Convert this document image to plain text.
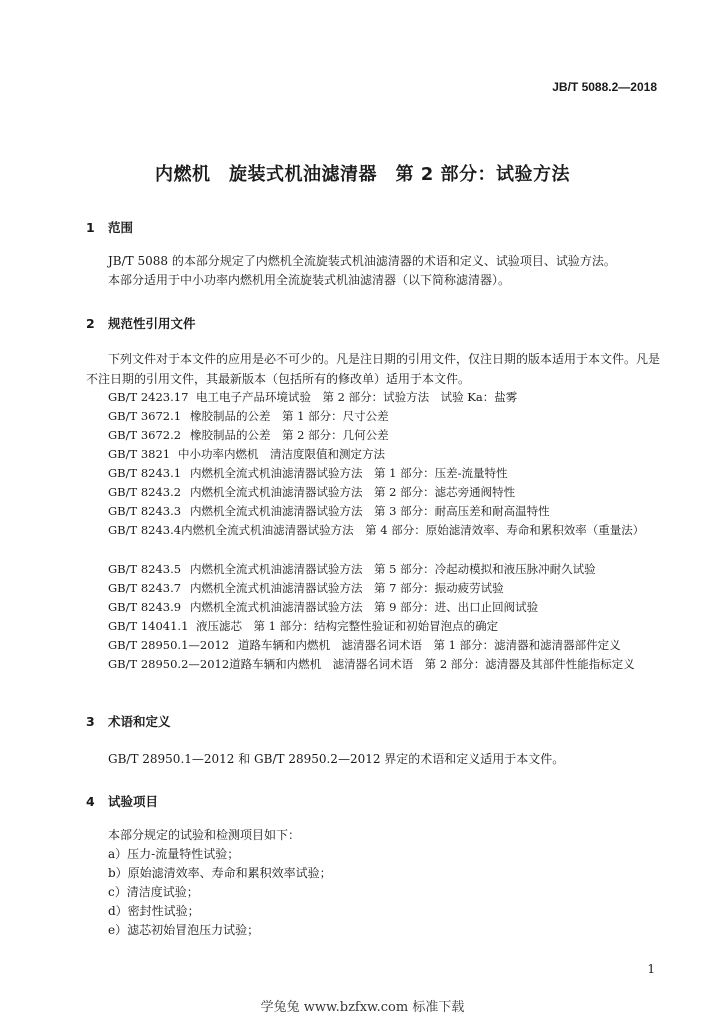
JB/T 5088.2—2018
内燃机　旋装式机油滤清器　第 2 部分：试验方法
1 范围
JB/T 5088 的本部分规定了内燃机全流旋装式机油滤清器的术语和定义、试验项目、试验方法。
本部分适用于中小功率内燃机用全流旋装式机油滤清器（以下简称滤清器）。
2 规范性引用文件
下列文件对于本文件的应用是必不可少的。凡是注日期的引用文件，仅注日期的版本适用于本文件。凡是不注日期的引用文件，其最新版本（包括所有的修改单）适用于本文件。
GB/T 2423.17 电工电子产品环境试验　第 2 部分：试验方法　试验 Ka：盐雾
GB/T 3672.1 橡胶制品的公差　第 1 部分：尺寸公差
GB/T 3672.2 橡胶制品的公差　第 2 部分：几何公差
GB/T 3821 中小功率内燃机　清洁度限值和测定方法
GB/T 8243.1 内燃机全流式机油滤清器试验方法　第 1 部分：压差-流量特性
GB/T 8243.2 内燃机全流式机油滤清器试验方法　第 2 部分：滤芯旁通阀特性
GB/T 8243.3 内燃机全流式机油滤清器试验方法　第 3 部分：耐高压差和耐高温特性
GB/T 8243.4内燃机全流式机油滤清器试验方法　第 4 部分：原始滤清效率、寿命和累积效率（重量法）
GB/T 8243.5 内燃机全流式机油滤清器试验方法　第 5 部分：冷起动模拟和液压脉冲耐久试验
GB/T 8243.7 内燃机全流式机油滤清器试验方法　第 7 部分：振动疲劳试验
GB/T 8243.9 内燃机全流式机油滤清器试验方法　第 9 部分：进、出口止回阀试验
GB/T 14041.1 液压滤芯　第 1 部分：结构完整性验证和初始冒泡点的确定
GB/T 28950.1—2012 道路车辆和内燃机　滤清器名词术语　第 1 部分：滤清器和滤清器部件定义
GB/T 28950.2—2012道路车辆和内燃机　滤清器名词术语　第 2 部分：滤清器及其部件性能指标定义
3 术语和定义
GB/T 28950.1—2012 和 GB/T 28950.2—2012 界定的术语和定义适用于本文件。
4 试验项目
本部分规定的试验和检测项目如下：
a）压力-流量特性试验；
b）原始滤清效率、寿命和累积效率试验；
c）清洁度试验；
d）密封性试验；
e）滤芯初始冒泡压力试验；
1
学兔兔 www.bzfxw.com 标准下载
